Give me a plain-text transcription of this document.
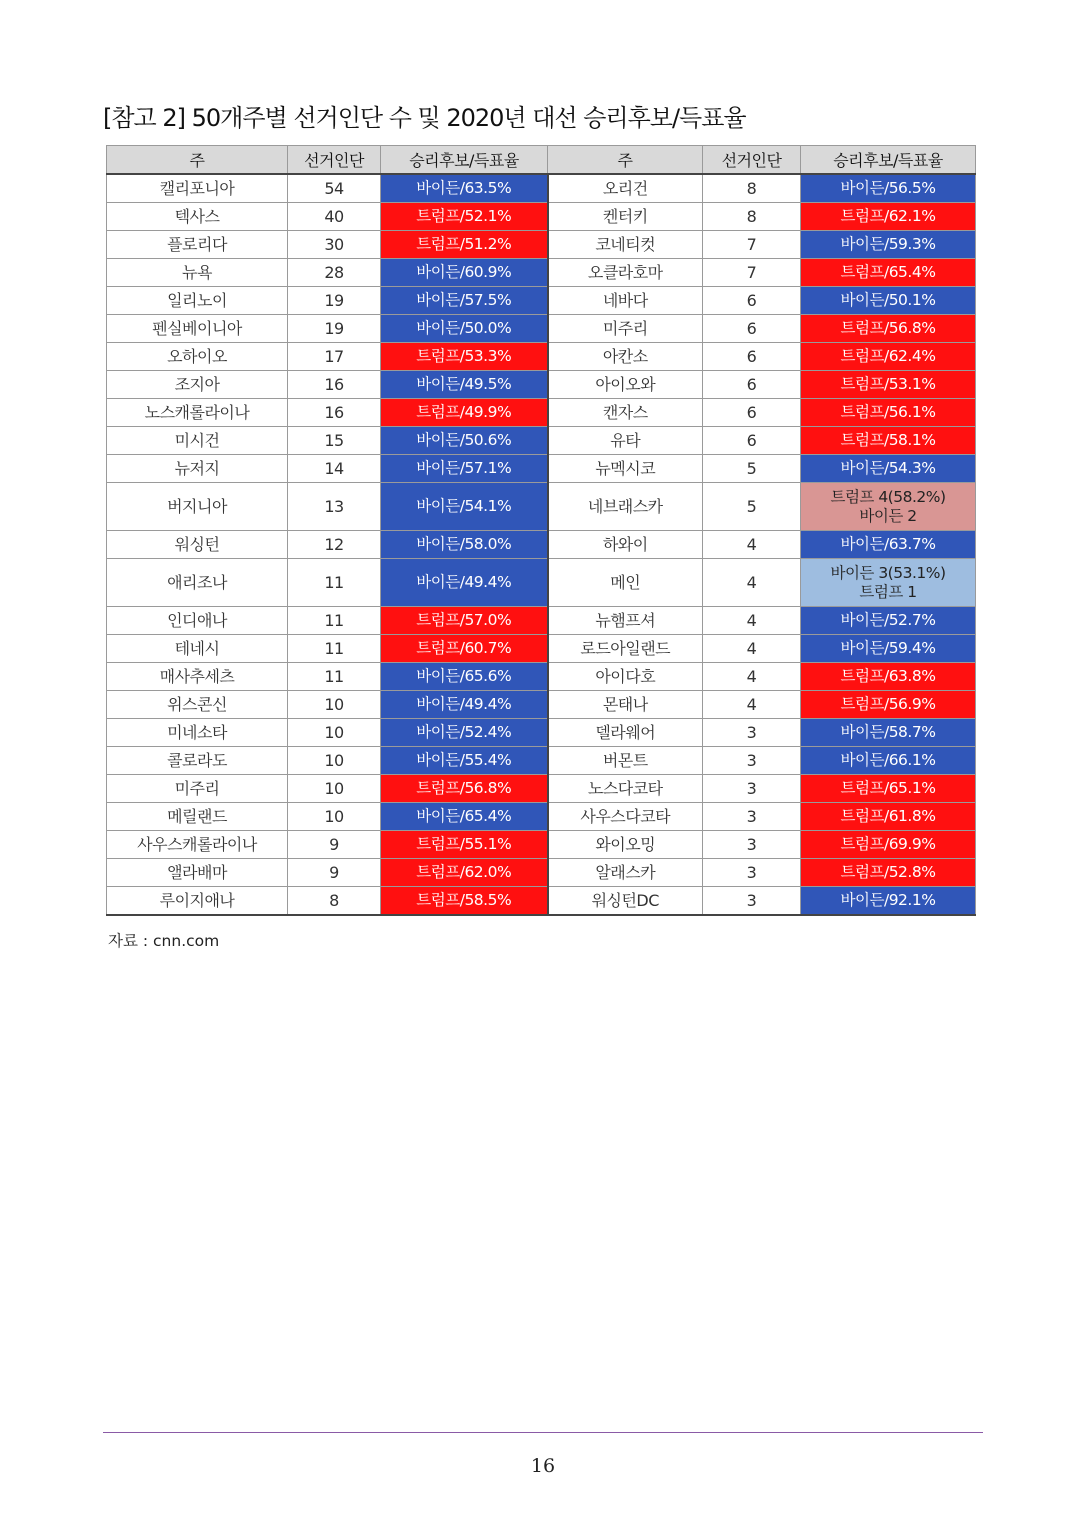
[참고 2] 50개주별 선거인단 수 및 2020년 대선 승리후보/득표율
주	선거인단	승리후보/득표율	주	선거인단	승리후보/득표율
캘리포니아	54	바이든/63.5%	오리건	8	바이든/56.5%

텍사스	40	트럼프/52.1%	켄터키	8	트럼프/62.1%

플로리다	30	트럼프/51.2%	코네티컷	7	바이든/59.3%

뉴욕	28	바이든/60.9%	오클라호마	7	트럼프/65.4%

일리노이	19	바이든/57.5%	네바다	6	바이든/50.1%

펜실베이니아	19	바이든/50.0%	미주리	6	트럼프/56.8%

오하이오	17	트럼프/53.3%	아칸소	6	트럼프/62.4%

조지아	16	바이든/49.5%	아이오와	6	트럼프/53.1%

노스캐롤라이나	16	트럼프/49.9%	캔자스	6	트럼프/56.1%

미시건	15	바이든/50.6%	유타	6	트럼프/58.1%

뉴저지	14	바이든/57.1%	뉴멕시코	5	바이든/54.3%

버지니아	13	바이든/54.1%	네브래스카	5	트럼프 4(58.2%)
바이든 2

워싱턴	12	바이든/58.0%	하와이	4	바이든/63.7%

애리조나	11	바이든/49.4%	메인	4	바이든 3(53.1%)
트럼프 1

인디애나	11	트럼프/57.0%	뉴햄프셔	4	바이든/52.7%

테네시	11	트럼프/60.7%	로드아일랜드	4	바이든/59.4%

매사추세츠	11	바이든/65.6%	아이다호	4	트럼프/63.8%

위스콘신	10	바이든/49.4%	몬태나	4	트럼프/56.9%

미네소타	10	바이든/52.4%	델라웨어	3	바이든/58.7%

콜로라도	10	바이든/55.4%	버몬트	3	바이든/66.1%

미주리	10	트럼프/56.8%	노스다코타	3	트럼프/65.1%

메릴랜드	10	바이든/65.4%	사우스다코타	3	트럼프/61.8%

사우스캐롤라이나	9	트럼프/55.1%	와이오밍	3	트럼프/69.9%

앨라배마	9	트럼프/62.0%	알래스카	3	트럼프/52.8%

루이지애나	8	트럼프/58.5%	워싱턴DC	3	바이든/92.1%
자료 : cnn.com
16
